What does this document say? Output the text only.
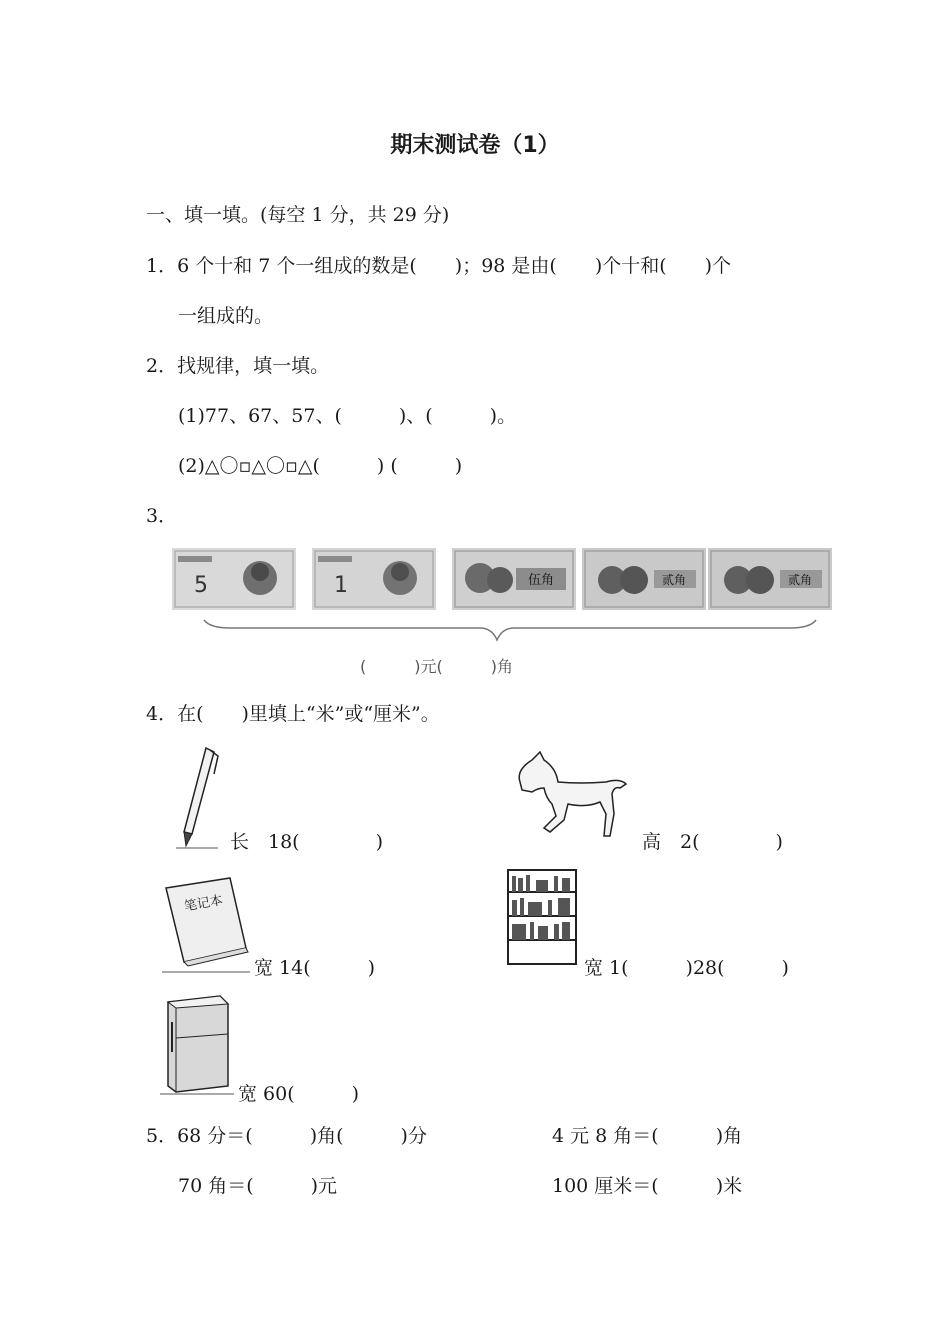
期末测试卷（1）
一、填一填。(每空 1 分，共 29 分)
1．6 个十和 7 个一组成的数是(　　)；98 是由(　　)个十和(　　)个
一组成的。
2．找规律，填一填。
(1)77、67、57、(　　　)、(　　　)。
(2)△〇▫△〇▫△(　　　) (　　　)
3．
5	1	伍角	贰角	贰角
(　　　)元(　　　)角
4．在(　　)里填上“米”或“厘米”。
长　18(　　　　)	高　2(　　　　)
笔记本
宽 14(　　　)	宽 1(　　　)28(　　　)
宽 60(　　　)
5．68 分＝(　　　)角(　　　)分	4 元 8 角＝(　　　)角
70 角＝(　　　)元	100 厘米＝(　　　)米
